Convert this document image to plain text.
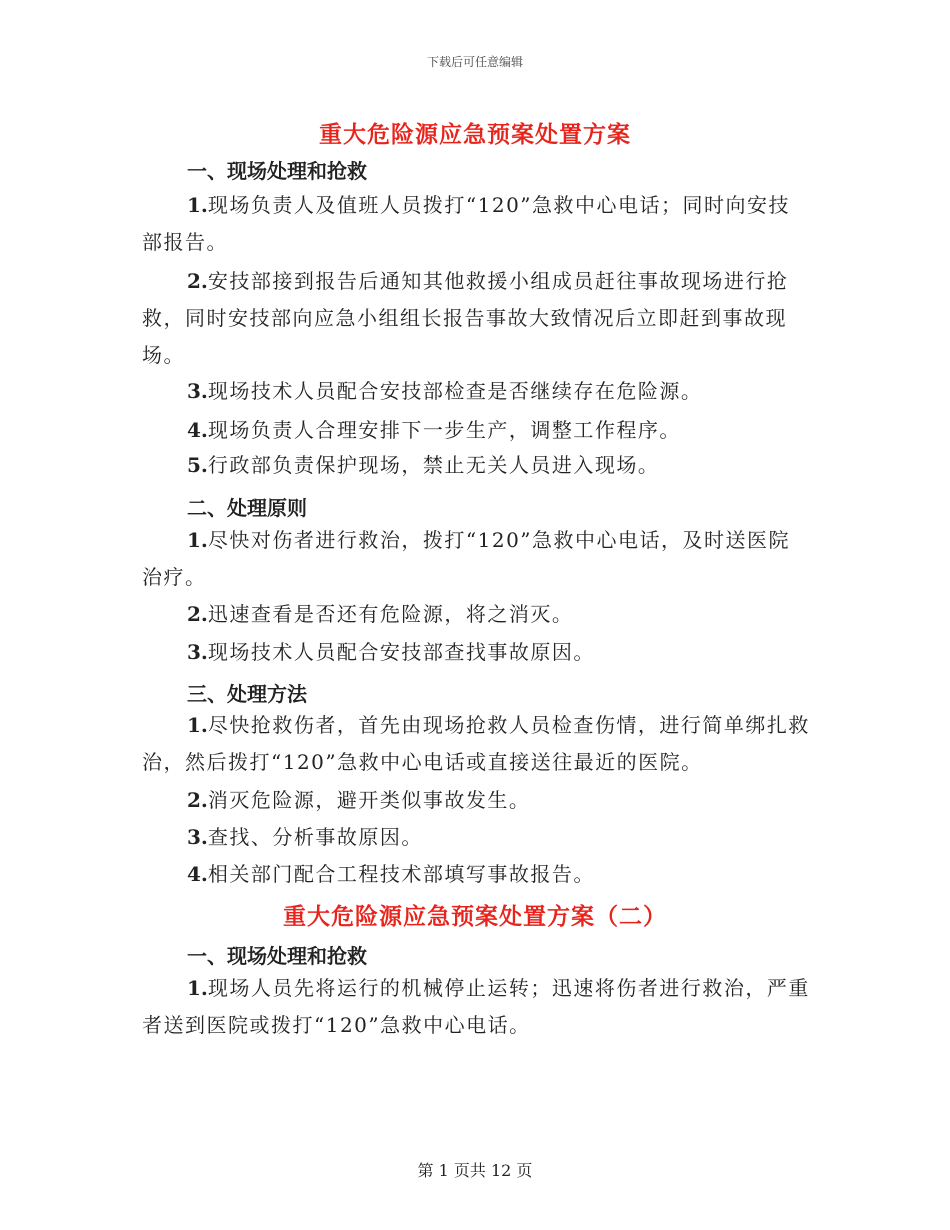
下载后可任意编辑
重大危险源应急预案处置方案
一、现场处理和抢救
1.现场负责人及值班人员拨打“120”急救中心电话；同时向安技部报告。
2.安技部接到报告后通知其他救援小组成员赶往事故现场进行抢救，同时安技部向应急小组组长报告事故大致情况后立即赶到事故现场。
3.现场技术人员配合安技部检查是否继续存在危险源。
4.现场负责人合理安排下一步生产，调整工作程序。
5.行政部负责保护现场，禁止无关人员进入现场。
二、处理原则
1.尽快对伤者进行救治，拨打“120”急救中心电话，及时送医院治疗。
2.迅速查看是否还有危险源，将之消灭。
3.现场技术人员配合安技部查找事故原因。
三、处理方法
1.尽快抢救伤者，首先由现场抢救人员检查伤情，进行简单绑扎救治，然后拨打“120”急救中心电话或直接送往最近的医院。
2.消灭危险源，避开类似事故发生。
3.查找、分析事故原因。
4.相关部门配合工程技术部填写事故报告。
重大危险源应急预案处置方案（二）
一、现场处理和抢救
1.现场人员先将运行的机械停止运转；迅速将伤者进行救治，严重者送到医院或拨打“120”急救中心电话。
第 1 页共 12 页
